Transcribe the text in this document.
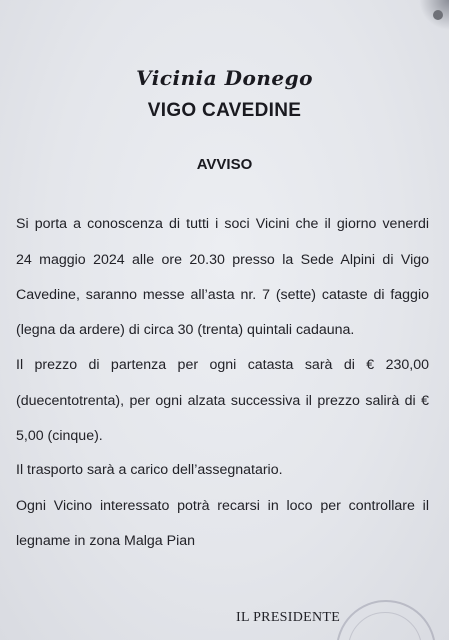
Vicinia Donego
VIGO CAVEDINE
AVVISO
Si porta a conoscenza di tutti i soci Vicini che il giorno venerdi
24 maggio 2024 alle ore 20.30 presso la Sede Alpini di Vigo
Cavedine, saranno messe all’asta nr. 7 (sette) cataste di faggio
(legna da ardere) di circa 30 (trenta) quintali cadauna.
Il prezzo di partenza per ogni catasta sarà di € 230,00
(duecentotrenta), per ogni alzata successiva il prezzo salirà di €
5,00 (cinque).
Il trasporto sarà a carico dell’assegnatario.
Ogni Vicino interessato potrà recarsi in loco per controllare il
legname in zona Malga Pian
IL PRESIDENTE
